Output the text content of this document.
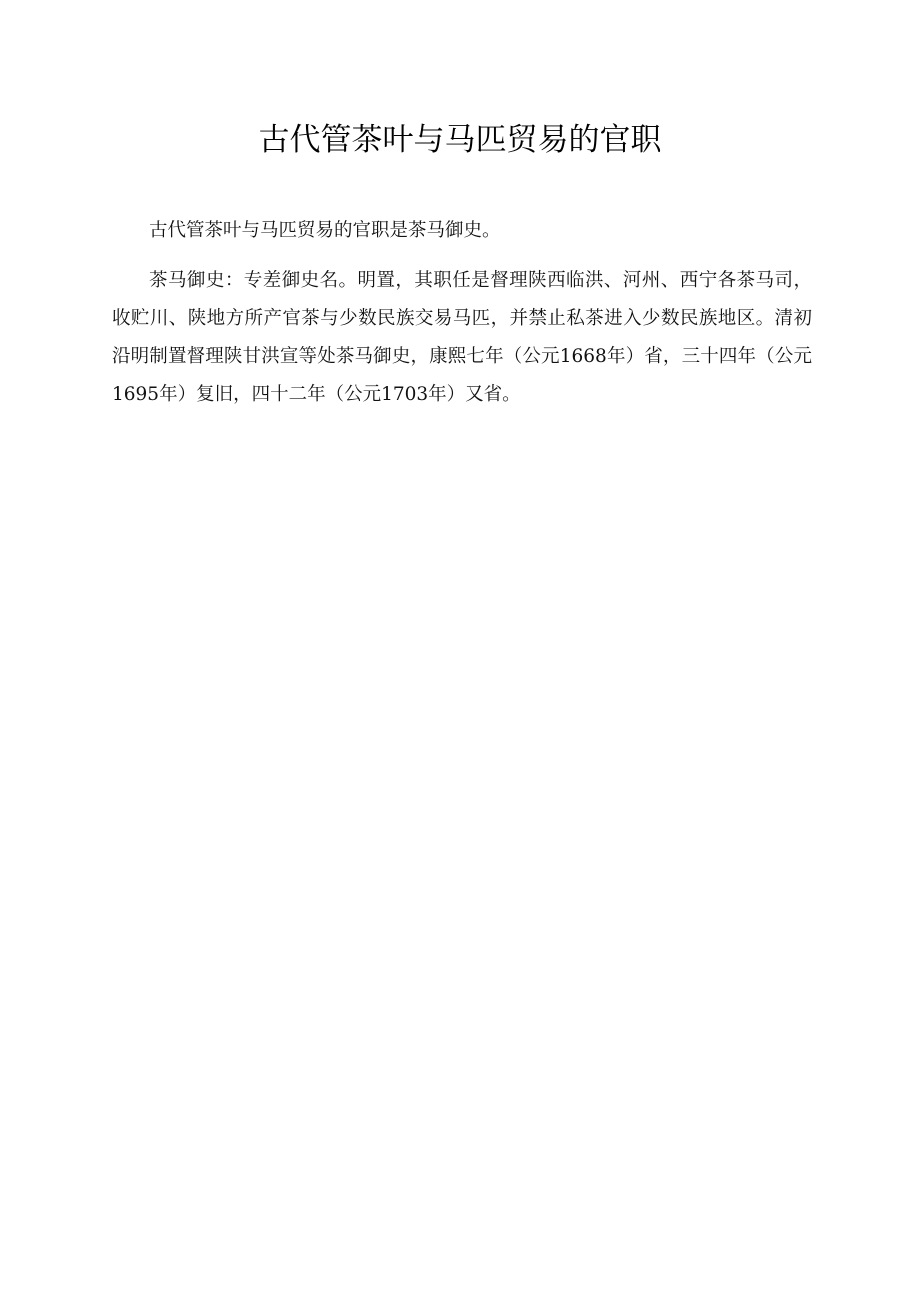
古代管茶叶与马匹贸易的官职

古代管茶叶与马匹贸易的官职是茶马御史。

茶马御史：专差御史名。明置，其职任是督理陕西临洪、河州、西宁各茶马司，收贮川、陕地方所产官茶与少数民族交易马匹，并禁止私茶进入少数民族地区。清初沿明制置督理陕甘洪宣等处茶马御史，康熙七年（公元1668年）省，三十四年（公元1695年）复旧，四十二年（公元1703年）又省。
